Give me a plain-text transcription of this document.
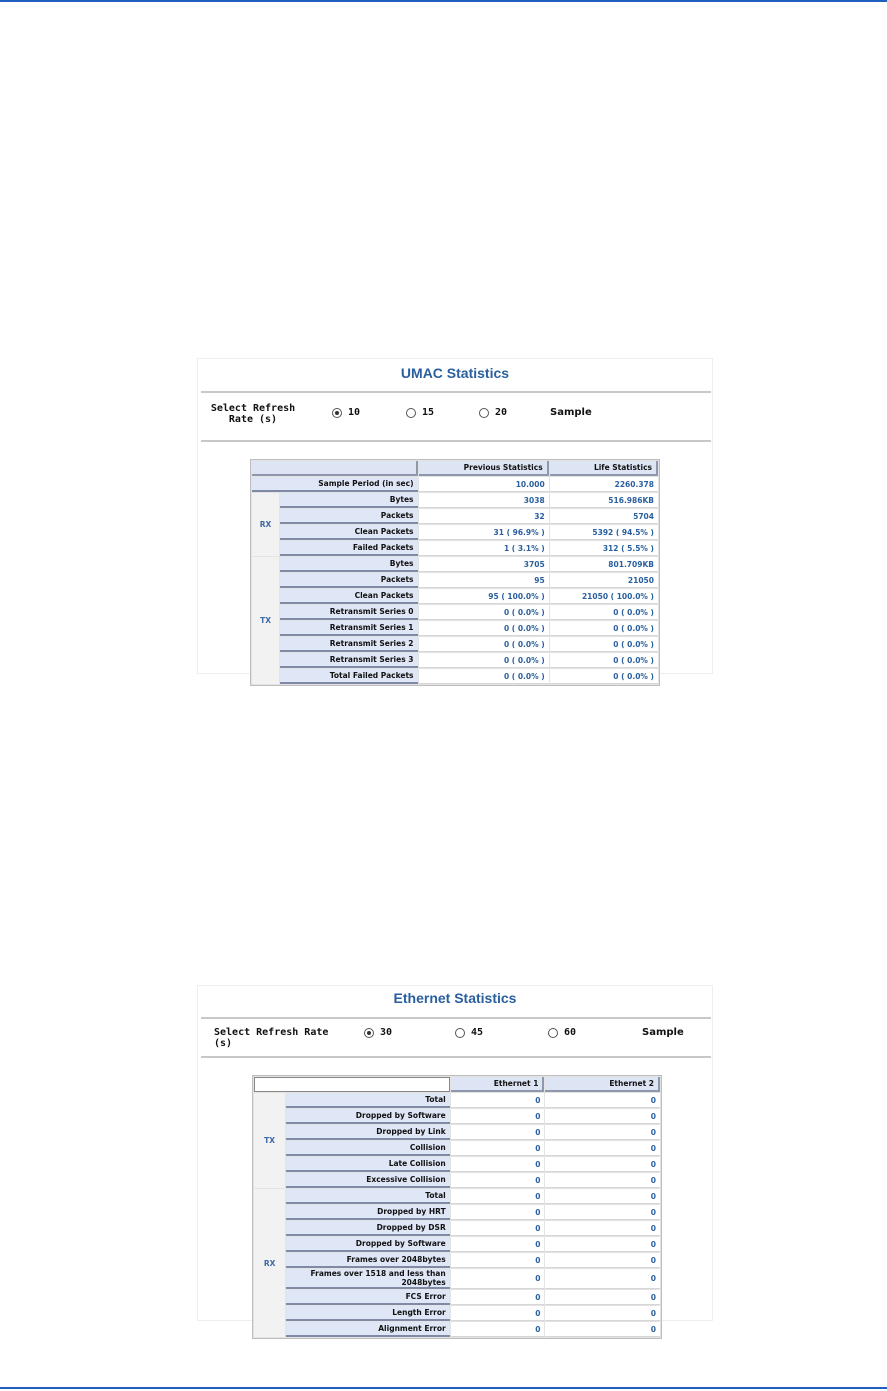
UMAC Statistics
Select Refresh Rate (s)
10	15	20	Sample
		Previous Statistics	Life Statistics
Sample Period (in sec)		10.000	2260.378
RX	Bytes	3038	516.986KB
	Packets	32	5704
	Clean Packets	31 ( 96.9% )	5392 ( 94.5% )
	Failed Packets	1 ( 3.1% )	312 ( 5.5% )
TX	Bytes	3705	801.709KB
	Packets	95	21050
	Clean Packets	95 ( 100.0% )	21050 ( 100.0% )
	Retransmit Series 0	0 ( 0.0% )	0 ( 0.0% )
	Retransmit Series 1	0 ( 0.0% )	0 ( 0.0% )
	Retransmit Series 2	0 ( 0.0% )	0 ( 0.0% )
	Retransmit Series 3	0 ( 0.0% )	0 ( 0.0% )
	Total Failed Packets	0 ( 0.0% )	0 ( 0.0% )
Ethernet Statistics
Select Refresh Rate (s)
30	45	60	Sample
		Ethernet 1	Ethernet 2
TX	Total	0	0
	Dropped by Software	0	0
	Dropped by Link	0	0
	Collision	0	0
	Late Collision	0	0
	Excessive Collision	0	0
RX	Total	0	0
	Dropped by HRT	0	0
	Dropped by DSR	0	0
	Dropped by Software	0	0
	Frames over 2048bytes	0	0
	Frames over 1518 and less than 2048bytes	0	0
	FCS Error	0	0
	Length Error	0	0
	Alignment Error	0	0
